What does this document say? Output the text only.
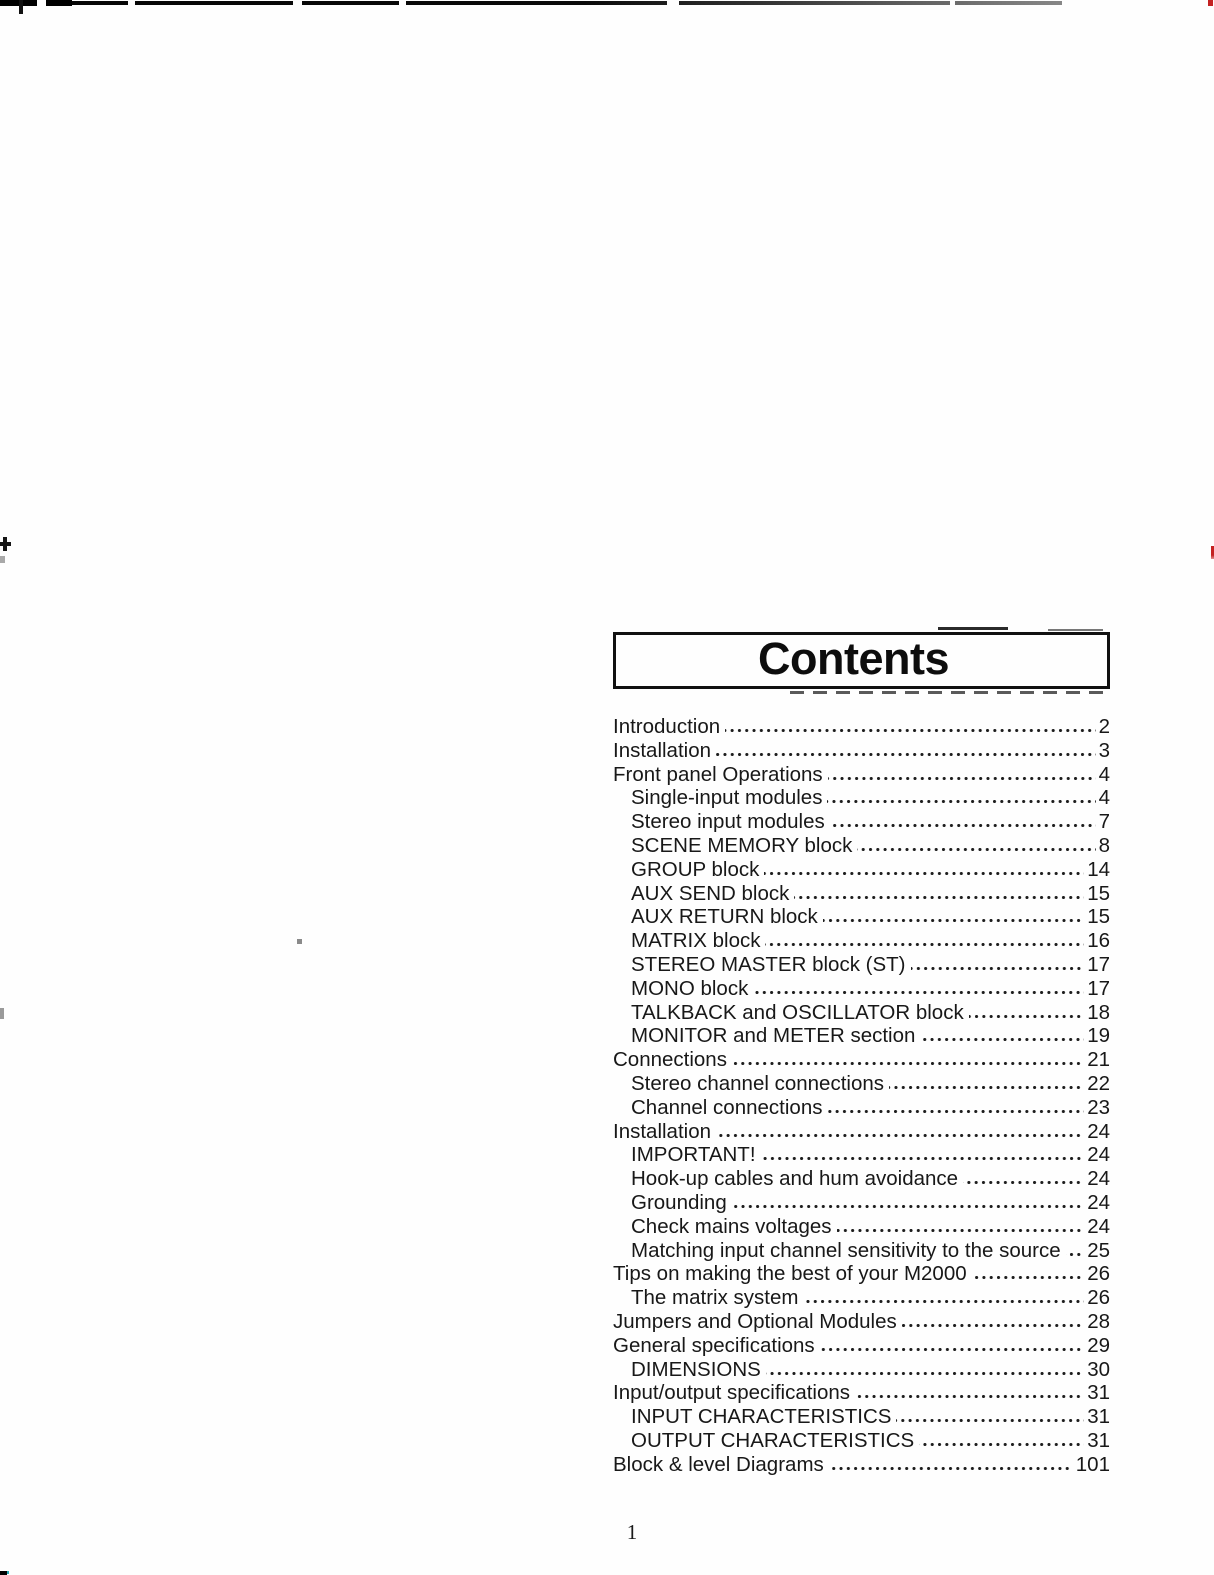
Contents
Introduction	2
Installation	3
Front panel Operations	4
Single-input modules	4
Stereo input modules	7
SCENE MEMORY block	8
GROUP block	14
AUX SEND block	15
AUX RETURN block	15
MATRIX block	16
STEREO MASTER block (ST)	17
MONO block	17
TALKBACK and OSCILLATOR block	18
MONITOR and METER section	19
Connections	21
Stereo channel connections	22
Channel connections	23
Installation	24
IMPORTANT!	24
Hook-up cables and hum avoidance	24
Grounding	24
Check mains voltages	24
Matching input channel sensitivity to the source 25
Tips on making the best of your M2000	26
The matrix system	26
Jumpers and Optional Modules	28
General specifications	29
DIMENSIONS	30
Input/output specifications	31
INPUT CHARACTERISTICS	31
OUTPUT CHARACTERISTICS	31
Block & level Diagrams	101
1
